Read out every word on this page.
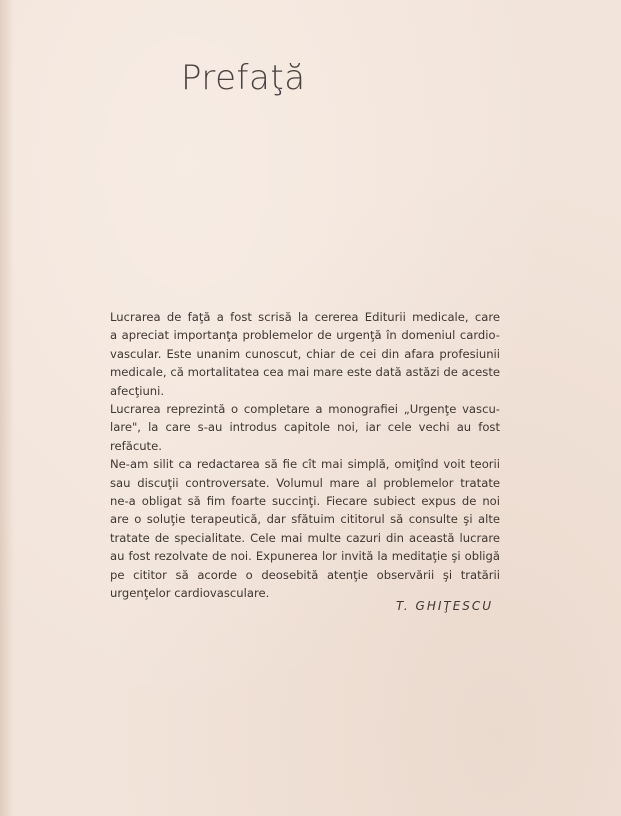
Prefaţă
Lucrarea de faţă a fost scrisă la cererea Editurii medicale, care
a apreciat importanţa problemelor de urgenţă în domeniul cardio-
vascular. Este unanim cunoscut, chiar de cei din afara profesiunii
medicale, că mortalitatea cea mai mare este dată astăzi de aceste
afecţiuni.
Lucrarea reprezintă o completare a monografiei „Urgenţe vascu-
lare", la care s-au introdus capitole noi, iar cele vechi au fost
refăcute.
Ne-am silit ca redactarea să fie cît mai simplă, omiţînd voit teorii
sau discuţii controversate. Volumul mare al problemelor tratate
ne-a obligat să fim foarte succinţi. Fiecare subiect expus de noi
are o soluţie terapeutică, dar sfătuim cititorul să consulte şi alte
tratate de specialitate. Cele mai multe cazuri din această lucrare
au fost rezolvate de noi. Expunerea lor invită la meditaţie şi obligă
pe cititor să acorde o deosebită atenţie observării şi tratării
urgenţelor cardiovasculare.
T. GHIŢESCU
